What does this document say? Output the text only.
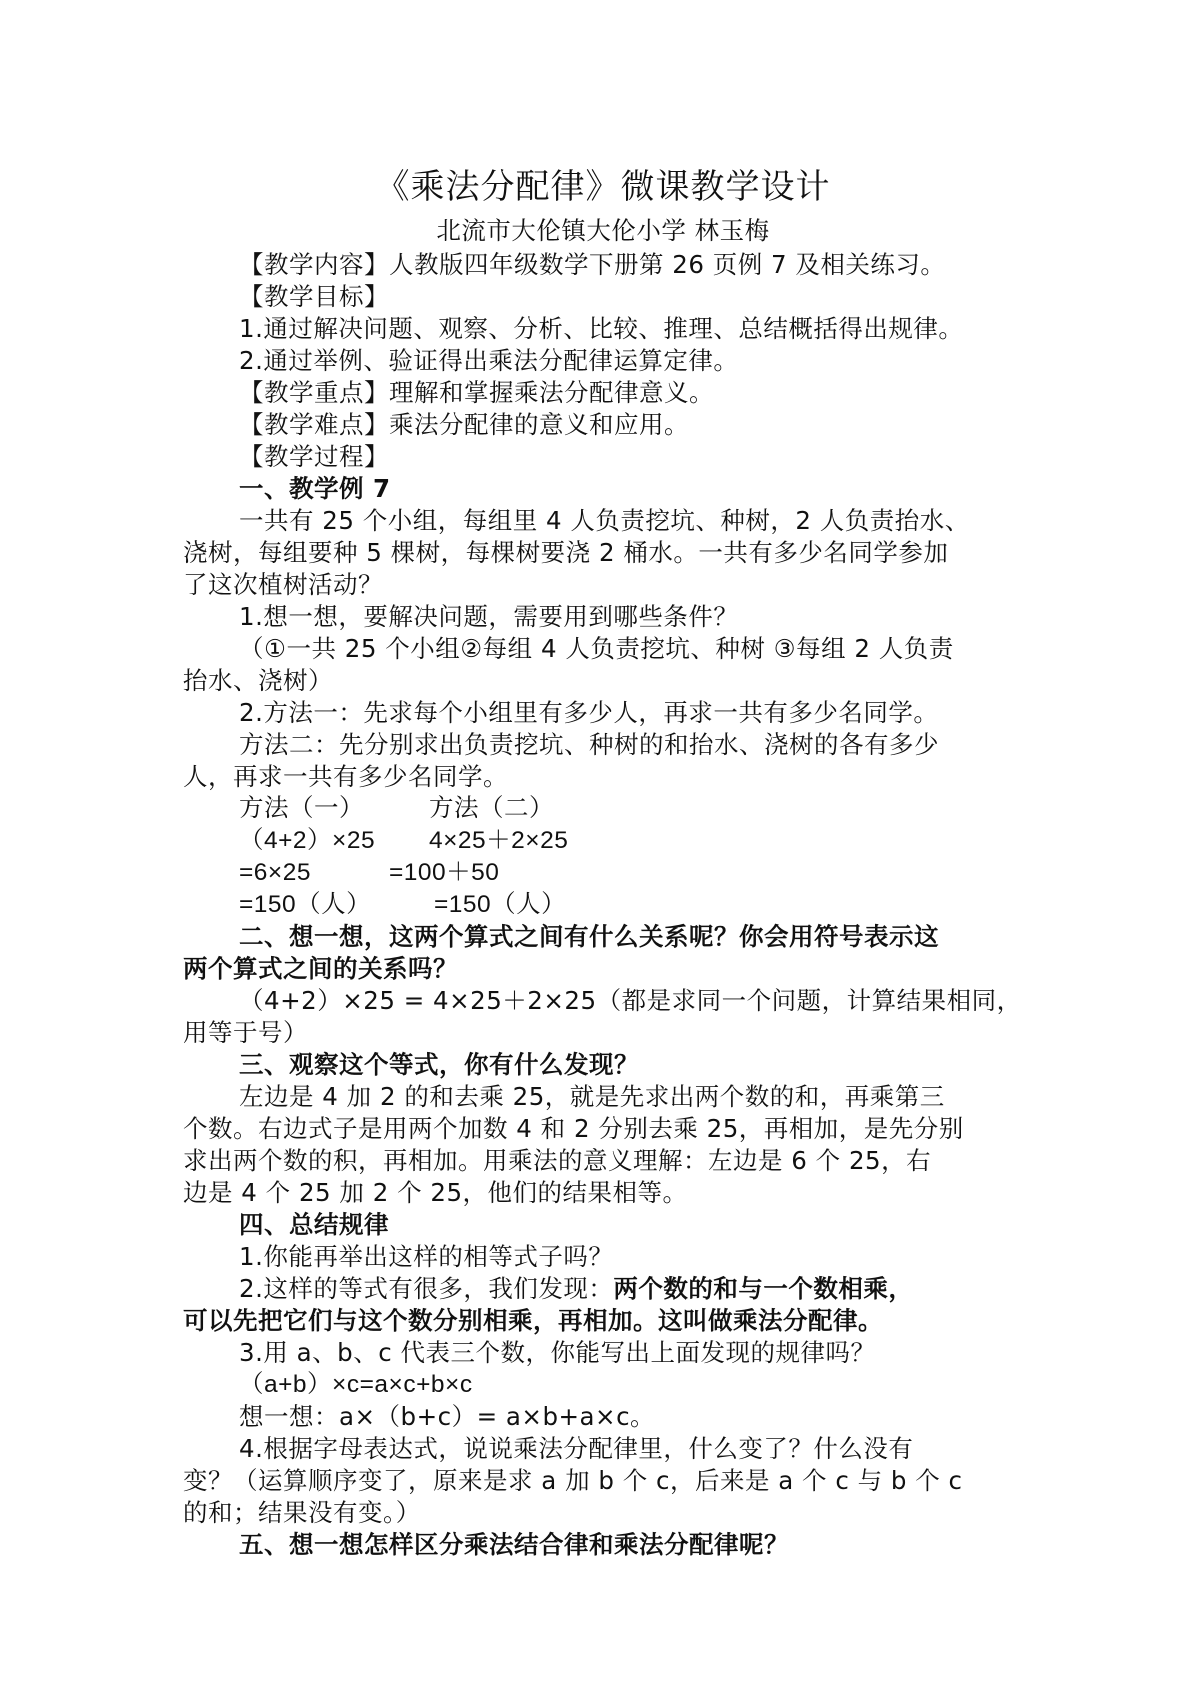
《乘法分配律》微课教学设计
北流市大伦镇大伦小学 林玉梅
【教学内容】人教版四年级数学下册第 26 页例 7 及相关练习。
【教学目标】
1.通过解决问题、观察、分析、比较、推理、总结概括得出规律。
2.通过举例、验证得出乘法分配律运算定律。
【教学重点】理解和掌握乘法分配律意义。
【教学难点】乘法分配律的意义和应用。
【教学过程】
一、教学例 7
一共有 25 个小组，每组里 4 人负责挖坑、种树，2 人负责抬水、
浇树，每组要种 5 棵树，每棵树要浇 2 桶水。一共有多少名同学参加
了这次植树活动？
1.想一想，要解决问题，需要用到哪些条件？
（①一共 25 个小组②每组 4 人负责挖坑、种树 ③每组 2 人负责
抬水、浇树）
2.方法一：先求每个小组里有多少人，再求一共有多少名同学。
方法二：先分别求出负责挖坑、种树的和抬水、浇树的各有多少
人，再求一共有多少名同学。
方法（一）	方法（二）
（4+2）×25 4×25＋2×25
=6×25	=100＋50
=150（人）	=150（人）
二、想一想，这两个算式之间有什么关系呢？你会用符号表示这
两个算式之间的关系吗？
（4+2）×25 = 4×25＋2×25（都是求同一个问题，计算结果相同，
用等于号）
三、观察这个等式，你有什么发现？
左边是 4 加 2 的和去乘 25，就是先求出两个数的和，再乘第三
个数。右边式子是用两个加数 4 和 2 分别去乘 25，再相加，是先分别
求出两个数的积，再相加。用乘法的意义理解：左边是 6 个 25，右
边是 4 个 25 加 2 个 25，他们的结果相等。
四、总结规律
1.你能再举出这样的相等式子吗？
2.这样的等式有很多，我们发现：两个数的和与一个数相乘，
可以先把它们与这个数分别相乘，再相加。这叫做乘法分配律。
3.用 a、b、c 代表三个数，你能写出上面发现的规律吗？
（a+b）×c=a×c+b×c
想一想：a×（b+c）= a×b+a×c。
4.根据字母表达式，说说乘法分配律里，什么变了？什么没有
变？（运算顺序变了，原来是求 a 加 b 个 c，后来是 a 个 c 与 b 个 c
的和；结果没有变。）
五、想一想怎样区分乘法结合律和乘法分配律呢？
